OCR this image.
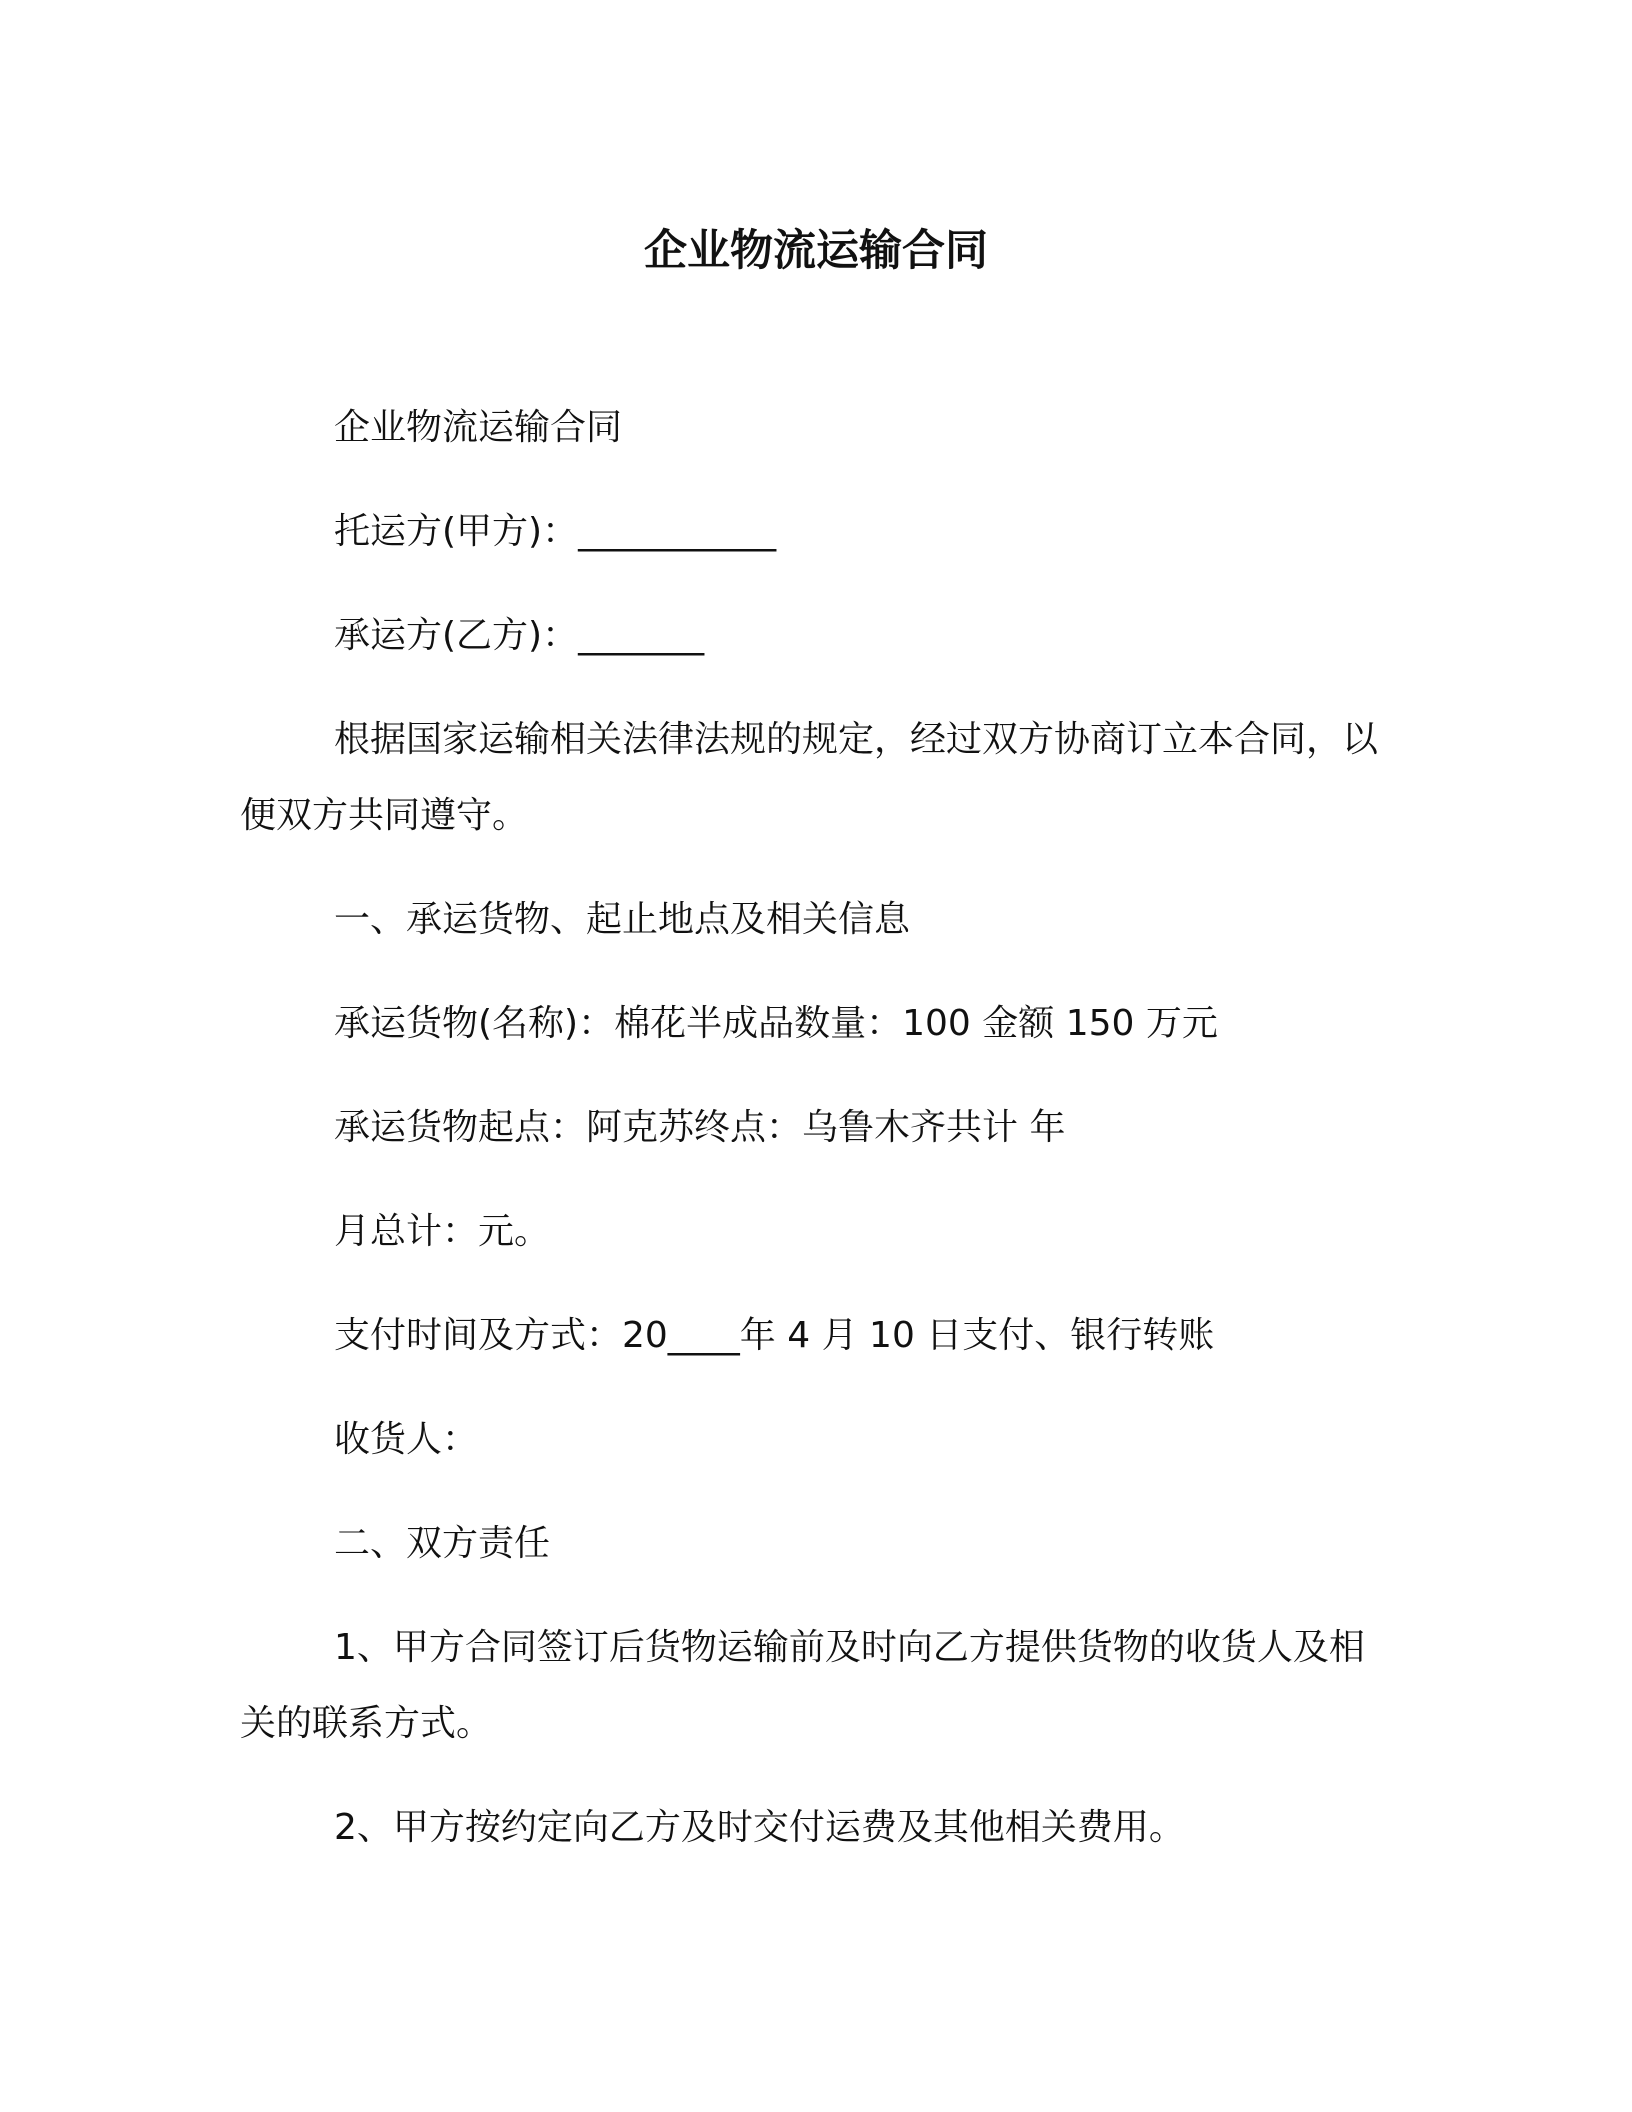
企业物流运输合同

企业物流运输合同

托运方(甲方)：___________

承运方(乙方)：_______

根据国家运输相关法律法规的规定，经过双方协商订立本合同，以便双方共同遵守。

一、承运货物、起止地点及相关信息

承运货物(名称)：棉花半成品数量：100 金额 150 万元

承运货物起点：阿克苏终点：乌鲁木齐共计 年

月总计：元。

支付时间及方式：20____年 4 月 10 日支付、银行转账

收货人：

二、双方责任

1、甲方合同签订后货物运输前及时向乙方提供货物的收货人及相关的联系方式。

2、甲方按约定向乙方及时交付运费及其他相关费用。
